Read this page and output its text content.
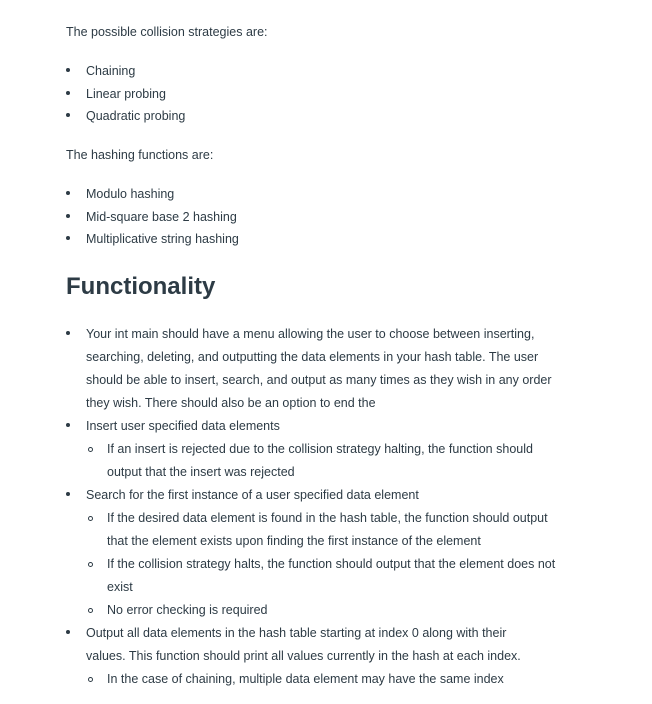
The possible collision strategies are:

Chaining
Linear probing
Quadratic probing

The hashing functions are:

Modulo hashing
Mid-square base 2 hashing
Multiplicative string hashing
Functionality
Your int main should have a menu allowing the user to choose between inserting,
searching, deleting, and outputting the data elements in your hash table. The user
should be able to insert, search, and output as many times as they wish in any order
they wish. There should also be an option to end the
Insert user specified data elements
If an insert is rejected due to the collision strategy halting, the function should
output that the insert was rejected
Search for the first instance of a user specified data element
If the desired data element is found in the hash table, the function should output
that the element exists upon finding the first instance of the element
If the collision strategy halts, the function should output that the element does not
exist
No error checking is required
Output all data elements in the hash table starting at index 0 along with their
values. This function should print all values currently in the hash at each index.
In the case of chaining, multiple data element may have the same index
